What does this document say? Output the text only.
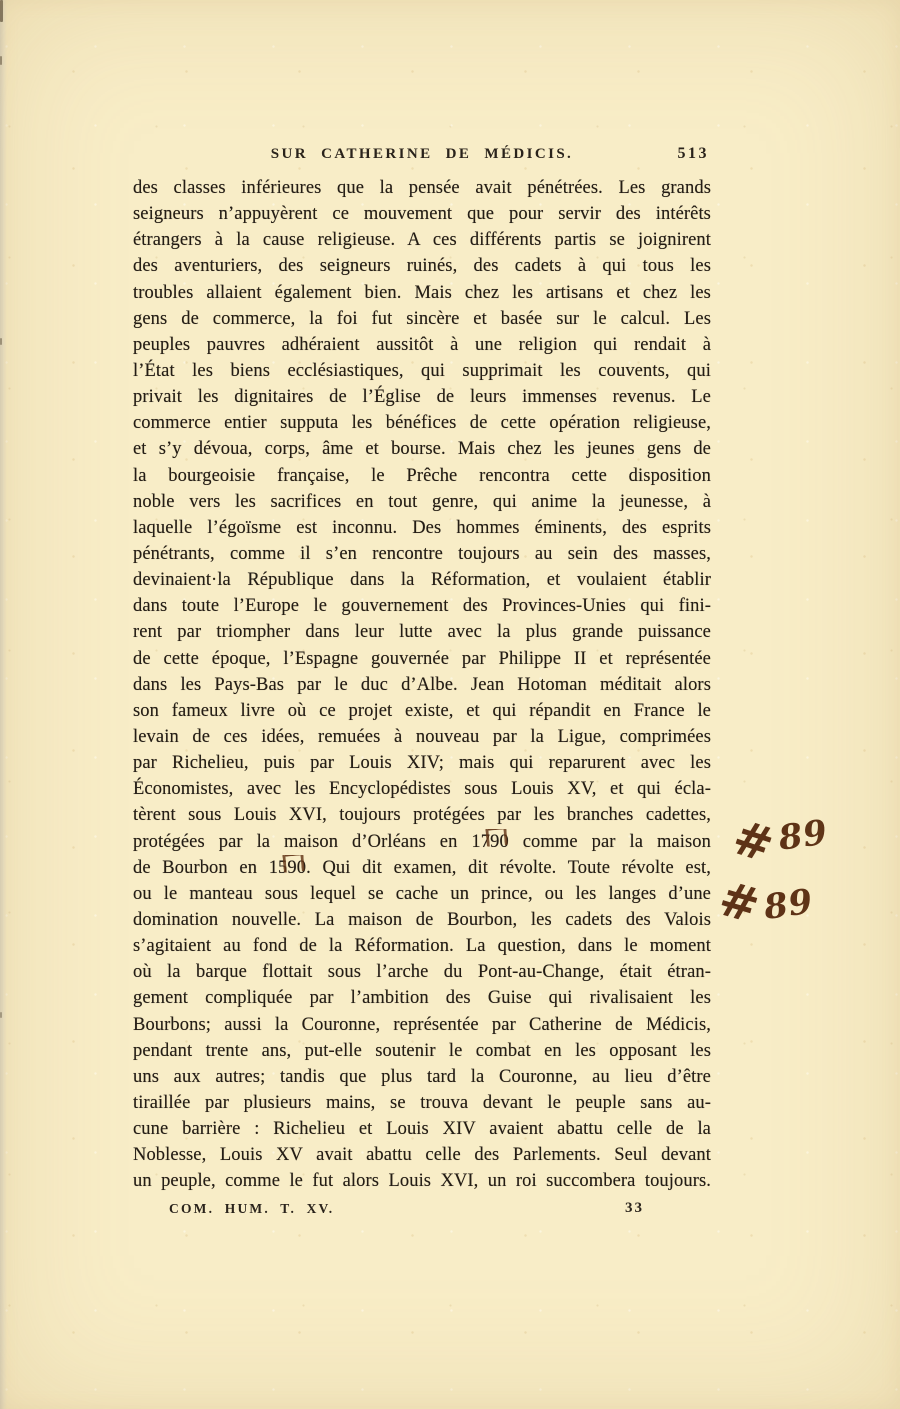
SUR CATHERINE DE MÉDICIS.	513
des classes inférieures que la pensée avait pénétrées. Les grands
seigneurs n’appuyèrent ce mouvement que pour servir des intérêts
étrangers à la cause religieuse. A ces différents partis se joignirent
des aventuriers, des seigneurs ruinés, des cadets à qui tous les
troubles allaient également bien. Mais chez les artisans et chez les
gens de commerce, la foi fut sincère et basée sur le calcul. Les
peuples pauvres adhéraient aussitôt à une religion qui rendait à
l’État les biens ecclésiastiques, qui supprimait les couvents, qui
privait les dignitaires de l’Église de leurs immenses revenus. Le
commerce entier supputa les bénéfices de cette opération religieuse,
et s’y dévoua, corps, âme et bourse. Mais chez les jeunes gens de
la bourgeoisie française, le Prêche rencontra cette disposition
noble vers les sacrifices en tout genre, qui anime la jeunesse, à
laquelle l’égoïsme est inconnu. Des hommes éminents, des esprits
pénétrants, comme il s’en rencontre toujours au sein des masses,
devinaient·la République dans la Réformation, et voulaient établir
dans toute l’Europe le gouvernement des Provinces-Unies qui fini-
rent par triompher dans leur lutte avec la plus grande puissance
de cette époque, l’Espagne gouvernée par Philippe II et représentée
dans les Pays-Bas par le duc d’Albe. Jean Hotoman méditait alors
son fameux livre où ce projet existe, et qui répandit en France le
levain de ces idées, remuées à nouveau par la Ligue, comprimées
par Richelieu, puis par Louis XIV; mais qui reparurent avec les
Économistes, avec les Encyclopédistes sous Louis XV, et qui écla-
tèrent sous Louis XVI, toujours protégées par les branches cadettes,
protégées par la maison d’Orléans en 1790 comme par la maison
de Bourbon en 1590. Qui dit examen, dit révolte. Toute révolte est,
ou le manteau sous lequel se cache un prince, ou les langes d’une
domination nouvelle. La maison de Bourbon, les cadets des Valois
s’agitaient au fond de la Réformation. La question, dans le moment
où la barque flottait sous l’arche du Pont-au-Change, était étran-
gement compliquée par l’ambition des Guise qui rivalisaient les
Bourbons; aussi la Couronne, représentée par Catherine de Médicis,
pendant trente ans, put-elle soutenir le combat en les opposant les
uns aux autres; tandis que plus tard la Couronne, au lieu d’être
tiraillée par plusieurs mains, se trouva devant le peuple sans au-
cune barrière : Richelieu et Louis XIV avaient abattu celle de la
Noblesse, Louis XV avait abattu celle des Parlements. Seul devant
un peuple, comme le fut alors Louis XVI, un roi succombera toujours.
#89
#89
COM. HUM. T. XV.	33
